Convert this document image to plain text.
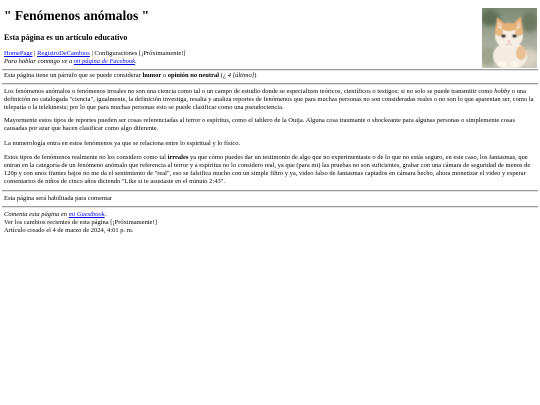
" Fenómenos anómalos "
Esta página es un artículo educativo
HomePage | RegistroDeCambios | Configuraciones [¡Próximamente!]
Para hablar conmigo ve a mi página de Facebook.
Esta página tiene un párrafo que se puede considerar humor o opinión no neutral (¿ 4 [último])

Los fenómenos anómalos o fenómenos irreales no son una ciencia como tal o un campo de estudio donde se especializen teóricos, científicos o testigos; si no solo se puede transmitir como hobby o una definición no catalogada "ciencia", igualmente, la definición investiga, resalta y analiza reportes de fenómenos que para muchas personas no son consideradas reales o no son lo que aparentan ser, como la telepatía o la telekinesis; por lo que para muchas personas esto se puede clasificar como una pseudociencia.

Mayormente estos tipos de reportes pueden ser cosas referenciadas al terror o espíritus, como el tablero de la Ouija. Alguna cosa traumante o shockeante para algunas personas o simplemente cosas causadas por azar que hacen clasificar como algo diferente.

La numerología entra en estos fenómenos ya que se relaciona entre lo espiritual y lo físico.

Estos tipos de fenómenos realmente no los considero como tal irreales ya que cómo puedes dar un testimonio de algo que no experimentaste o de lo que no estás seguro, en este caso, los fantasmas, que entran en la categoría de un fenómeno anómalo que referencia al terror y a espíritus no lo considero real, ya que (para mi) las pruebas no son suficientes, grabar con una cámara de seguridad de menos de 120p y con unos frames bajos no me da el sentimiento de "real", eso se falsifica mucho con un simple filtro y ya, video falso de fantasmas captados en cámara hecho, ahora monetizar el video y esperar comentarios de niños de cinco años diciendo "Like si te asustaste en el minuto 2:43".

Esta página será habilitada para comentar
Comenta esta página en mi Guestbook.
Ver los cambios recientes de esta página [¡Próximamente!]
Artículo creado el 4 de marzo de 2024, 4:01 p. m.
